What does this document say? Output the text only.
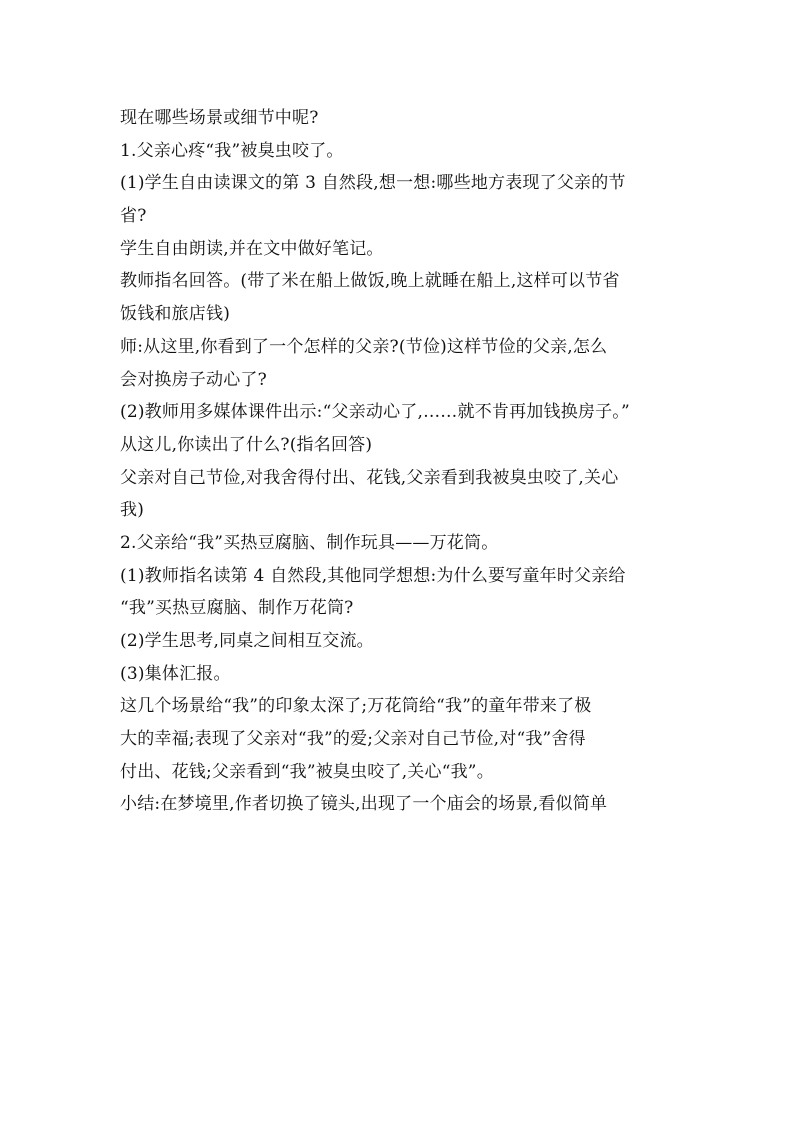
现在哪些场景或细节中呢?
1.父亲心疼“我”被臭虫咬了。
(1)学生自由读课文的第 3 自然段,想一想:哪些地方表现了父亲的节
省?
学生自由朗读,并在文中做好笔记。
教师指名回答。(带了米在船上做饭,晚上就睡在船上,这样可以节省
饭钱和旅店钱)
师:从这里,你看到了一个怎样的父亲?(节俭)这样节俭的父亲,怎么
会对换房子动心了?
(2)教师用多媒体课件出示:“父亲动心了,……就不肯再加钱换房子。”
从这儿,你读出了什么?(指名回答)
父亲对自己节俭,对我舍得付出、花钱,父亲看到我被臭虫咬了,关心
我)
2.父亲给“我”买热豆腐脑、制作玩具——万花筒。
(1)教师指名读第 4 自然段,其他同学想想:为什么要写童年时父亲给
“我”买热豆腐脑、制作万花筒?
(2)学生思考,同桌之间相互交流。
(3)集体汇报。
这几个场景给“我”的印象太深了;万花筒给“我”的童年带来了极
大的幸福;表现了父亲对“我”的爱;父亲对自己节俭,对“我”舍得
付出、花钱;父亲看到“我”被臭虫咬了,关心“我”。
小结:在梦境里,作者切换了镜头,出现了一个庙会的场景,看似简单
